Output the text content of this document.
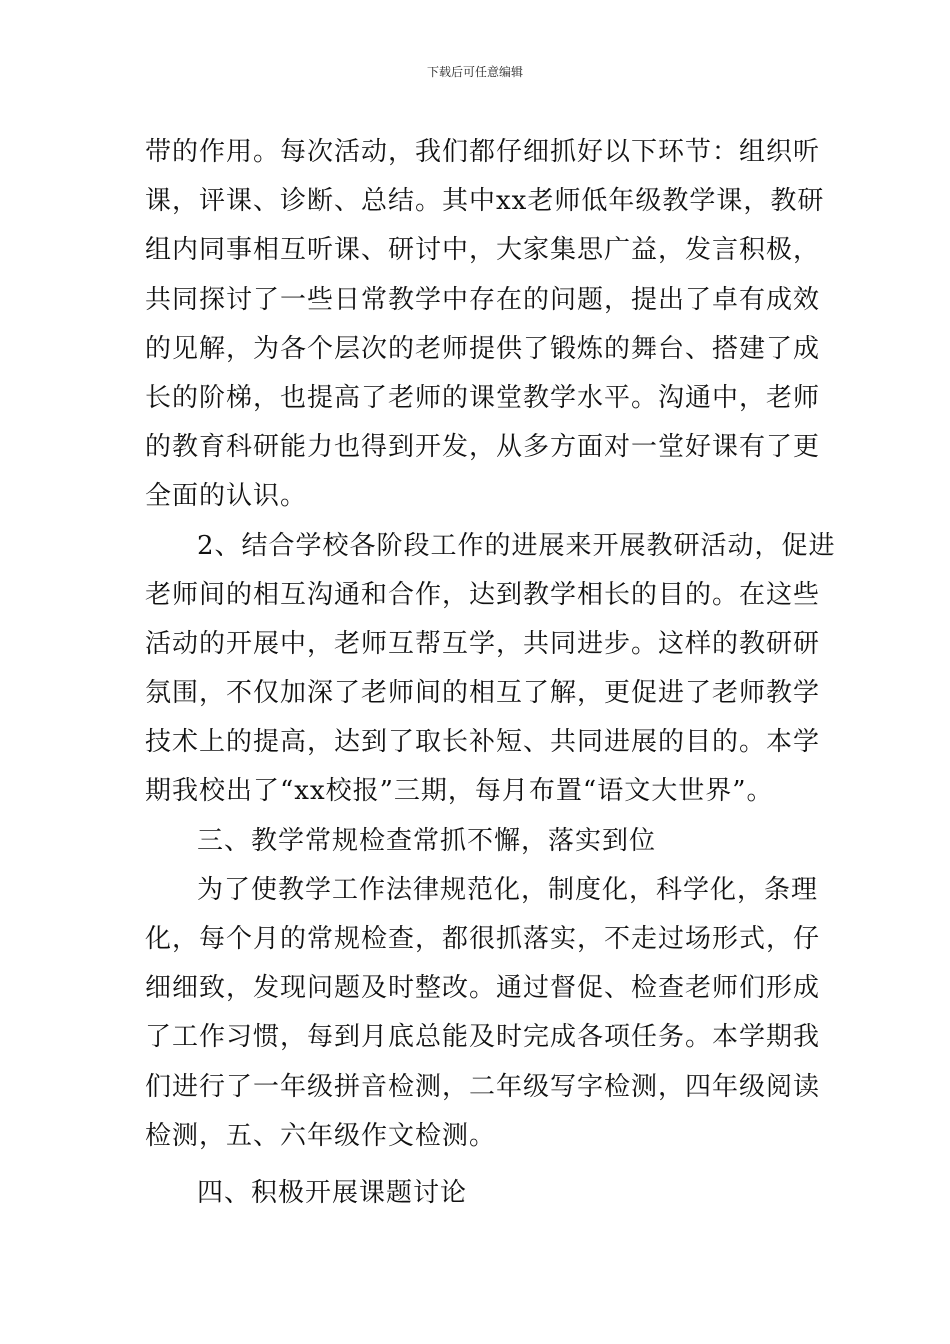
下载后可任意编辑
带的作用。每次活动，我们都仔细抓好以下环节：组织听
课，评课、诊断、总结。其中xx老师低年级教学课，教研
组内同事相互听课、研讨中，大家集思广益，发言积极，
共同探讨了一些日常教学中存在的问题，提出了卓有成效
的见解，为各个层次的老师提供了锻炼的舞台、搭建了成
长的阶梯，也提高了老师的课堂教学水平。沟通中，老师
的教育科研能力也得到开发，从多方面对一堂好课有了更
全面的认识。
2、结合学校各阶段工作的进展来开展教研活动，促进
老师间的相互沟通和合作，达到教学相长的目的。在这些
活动的开展中，老师互帮互学，共同进步。这样的教研研
氛围，不仅加深了老师间的相互了解，更促进了老师教学
技术上的提高，达到了取长补短、共同进展的目的。本学
期我校出了“xx校报”三期，每月布置“语文大世界”。
三、教学常规检查常抓不懈，落实到位
为了使教学工作法律规范化，制度化，科学化，条理
化，每个月的常规检查，都很抓落实，不走过场形式，仔
细细致，发现问题及时整改。通过督促、检查老师们形成
了工作习惯，每到月底总能及时完成各项任务。本学期我
们进行了一年级拼音检测，二年级写字检测，四年级阅读
检测，五、六年级作文检测。
四、积极开展课题讨论
